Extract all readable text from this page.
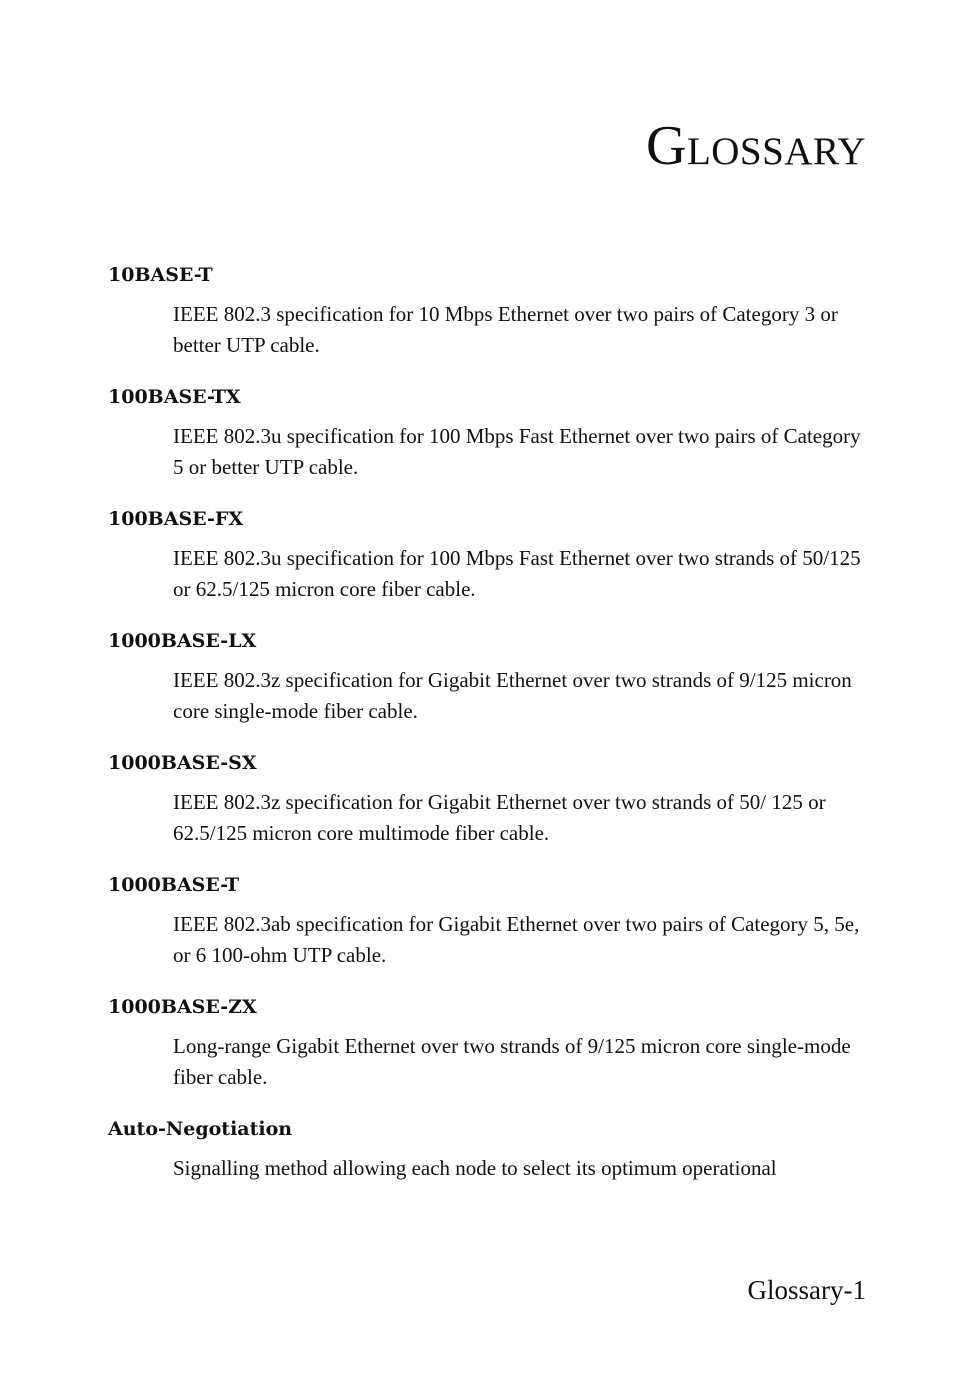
Glossary
10BASE-T
IEEE 802.3 specification for 10 Mbps Ethernet over two pairs of Category 3 or better UTP cable.
100BASE-TX
IEEE 802.3u specification for 100 Mbps Fast Ethernet over two pairs of Category 5 or better UTP cable.
100BASE-FX
IEEE 802.3u specification for 100 Mbps Fast Ethernet over two strands of 50/125 or 62.5/125 micron core fiber cable.
1000BASE-LX
IEEE 802.3z specification for Gigabit Ethernet over two strands of 9/125 micron core single-mode fiber cable.
1000BASE-SX
IEEE 802.3z specification for Gigabit Ethernet over two strands of 50/ 125 or 62.5/125 micron core multimode fiber cable.
1000BASE-T
IEEE 802.3ab specification for Gigabit Ethernet over two pairs of Category 5, 5e, or 6 100-ohm UTP cable.
1000BASE-ZX
Long-range Gigabit Ethernet over two strands of 9/125 micron core single-mode fiber cable.
Auto-Negotiation
Signalling method allowing each node to select its optimum operational
Glossary-1
